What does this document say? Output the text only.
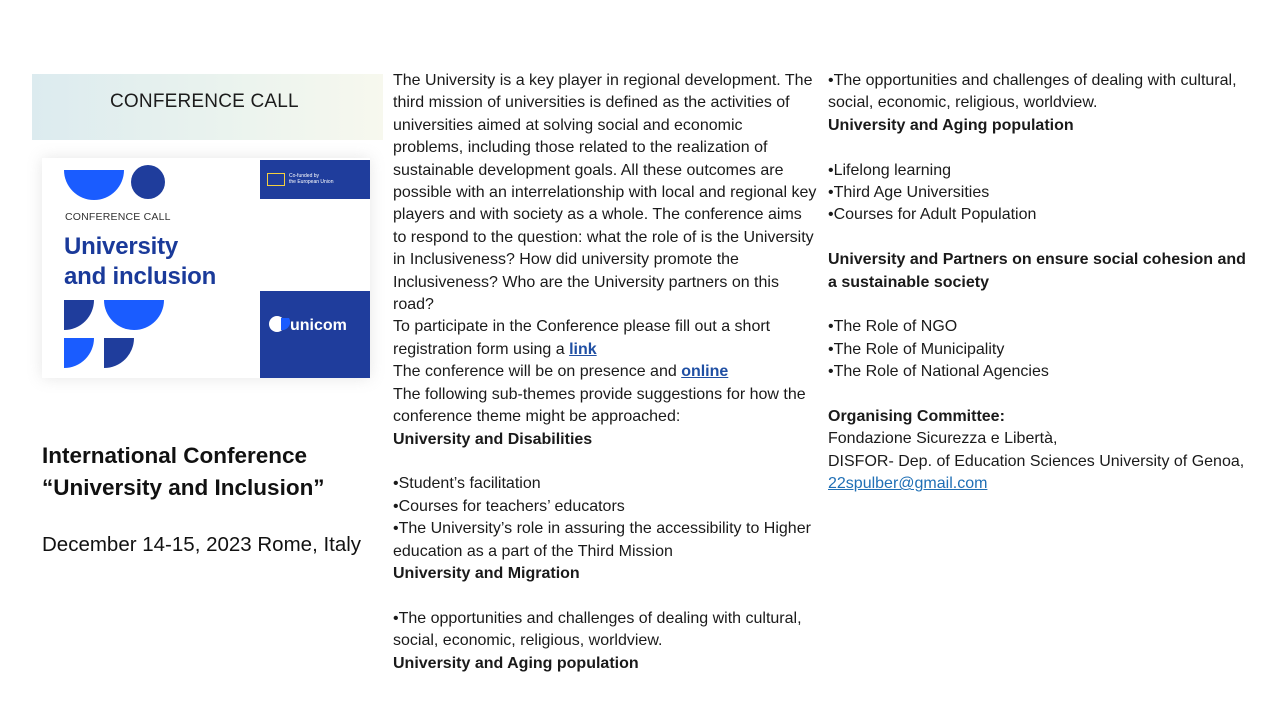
CONFERENCE CALL
CONFERENCE CALL
University
and inclusion
Co-funded by
the European Union
unicom
International Conference
“University and Inclusion”
December 14-15, 2023 Rome, Italy

The University is a key player in regional development. The third mission of universities is defined as the activities of universities aimed at solving social and economic problems, including those related to the realization of sustainable development goals. All these outcomes are possible with an interrelationship with local and regional key players and with society as a whole. The conference aims to respond to the question: what the role of is the University in Inclusiveness? How did university promote the Inclusiveness? Who are the University partners on this road?

To participate in the Conference please fill out a short registration form using a link

The conference will be on presence and online

The following sub-themes provide suggestions for how the conference theme might be approached:

University and Disabilities

•Student’s facilitation

•Courses for teachers’ educators

•The University’s role in assuring the accessibility to Higher education as a part of the Third Mission

University and Migration

•The opportunities and challenges of dealing with cultural, social, economic, religious, worldview.

University and Aging population

•The opportunities and challenges of dealing with cultural, social, economic, religious, worldview.

University and Aging population

•Lifelong learning

•Third Age Universities

•Courses for Adult Population

University and Partners on ensure social cohesion and a sustainable society

•The Role of NGO

•The Role of Municipality

•The Role of National Agencies

Organising Committee:

Fondazione Sicurezza e Libertà,

DISFOR- Dep. of Education Sciences University of Genoa,

22spulber@gmail.com
